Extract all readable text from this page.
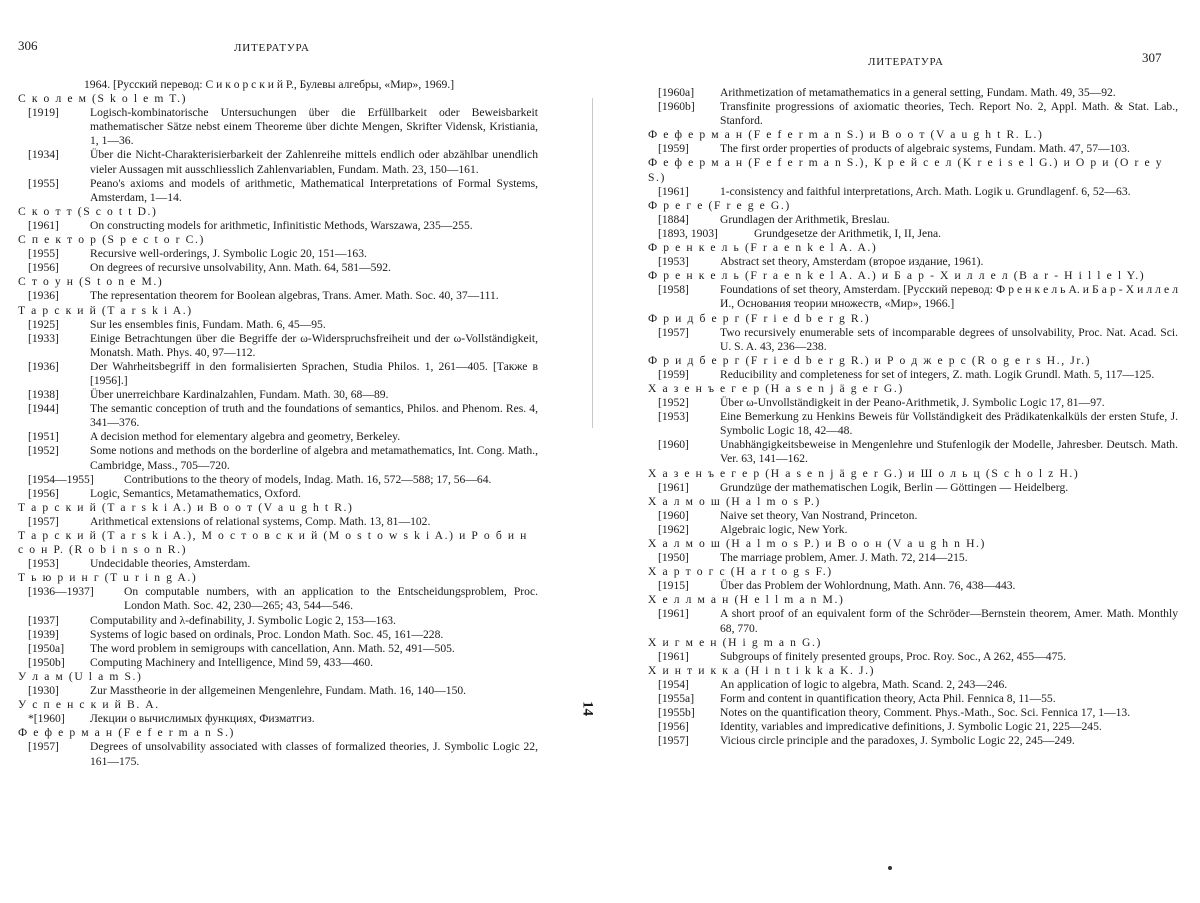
306	ЛИТЕРАТУРА
1964. [Русский перевод: С и к о р с к и й Р., Булевы алгебры, «Мир», 1969.]
С к о л е м (S k o l e m T.)
[1919]	Logisch-kombinatorische Untersuchungen über die Erfüllbarkeit oder Beweisbarkeit mathematischer Sätze nebst einem Theoreme über dichte Mengen, Skrifter Vidensk, Kristiania, 1, 1—36.
[1934]	Über die Nicht-Charakterisierbarkeit der Zahlenreihe mittels endlich oder abzählbar unendlich vieler Aussagen mit ausschliesslich Zahlenvariablen, Fundam. Math. 23, 150—161.
[1955]	Peano's axioms and models of arithmetic, Mathematical Interpretations of Formal Systems, Amsterdam, 1—14.
С к о т т (S c o t t D.)
[1961]	On constructing models for arithmetic, Infinitistic Methods, Warszawa, 235—255.
С п е к т о р (S p e c t o r C.)
[1955]	Recursive well-orderings, J. Symbolic Logic 20, 151—163.
[1956]	On degrees of recursive unsolvability, Ann. Math. 64, 581—592.
С т о у н (S t o n e M.)
[1936]	The representation theorem for Boolean algebras, Trans. Amer. Math. Soc. 40, 37—111.
Т а р с к и й (T a r s k i A.)
[1925]	Sur les ensembles finis, Fundam. Math. 6, 45—95.
[1933]	Einige Betrachtungen über die Begriffe der ω-Widerspruchsfreiheit und der ω-Vollständigkeit, Monatsh. Math. Phys. 40, 97—112.
[1936]	Der Wahrheitsbegriff in den formalisierten Sprachen, Studia Philos. 1, 261—405. [Также в [1956].]
[1938]	Über unerreichbare Kardinalzahlen, Fundam. Math. 30, 68—89.
[1944]	The semantic conception of truth and the foundations of semantics, Philos. and Phenom. Res. 4, 341—376.
[1951]	A decision method for elementary algebra and geometry, Berkeley.
[1952]	Some notions and methods on the borderline of algebra and metamathematics, Int. Cong. Math., Cambridge, Mass., 705—720.
[1954—1955]	Contributions to the theory of models, Indag. Math. 16, 572—588; 17, 56—64.
[1956]	Logic, Semantics, Metamathematics, Oxford.
Т а р с к и й (T a r s k i A.) и В о о т (V a u g h t R.)
[1957]	Arithmetical extensions of relational systems, Comp. Math. 13, 81—102.
Т а р с к и й (T a r s k i A.), М о с т о в с к и й (M o s t o w s k i A.) и Р о б и н с о н Р. (R o b i n s o n R.)
[1953]	Undecidable theories, Amsterdam.
Т ь ю р и н г (T u r i n g A.)
[1936—1937]	On computable numbers, with an application to the Entscheidungsproblem, Proc. London Math. Soc. 42, 230—265; 43, 544—546.
[1937]	Computability and λ-definability, J. Symbolic Logic 2, 153—163.
[1939]	Systems of logic based on ordinals, Proc. London Math. Soc. 45, 161—228.
[1950a]	The word problem in semigroups with cancellation, Ann. Math. 52, 491—505.
[1950b]	Computing Machinery and Intelligence, Mind 59, 433—460.
У л а м (U l a m S.)
[1930]	Zur Masstheorie in der allgemeinen Mengenlehre, Fundam. Math. 16, 140—150.
У с п е н с к и й В. А.
*[1960]	Лекции о вычислимых функциях, Физматгиз.
Ф е ф е р м а н (F e f e r m a n S.)
[1957]	Degrees of unsolvability associated with classes of formalized theories, J. Symbolic Logic 22, 161—175.
14
ЛИТЕРАТУРА	307
[1960a]	Arithmetization of metamathematics in a general setting, Fundam. Math. 49, 35—92.
[1960b]	Transfinite progressions of axiomatic theories, Tech. Report No. 2, Appl. Math. & Stat. Lab., Stanford.
Ф е ф е р м а н (F e f e r m a n S.) и В о о т (V a u g h t R. L.)
[1959]	The first order properties of products of algebraic systems, Fundam. Math. 47, 57—103.
Ф е ф е р м а н (F e f e r m a n S.), К р е й с е л (K r e i s e l G.) и О р и (O r e y S.)
[1961]	1-consistency and faithful interpretations, Arch. Math. Logik u. Grundlagenf. 6, 52—63.
Ф р е г е (F r e g e G.)
[1884]	Grundlagen der Arithmetik, Breslau.
[1893, 1903]	Grundgesetze der Arithmetik, I, II, Jena.
Ф р е н к е л ь (F r a e n k e l A. A.)
[1953]	Abstract set theory, Amsterdam (второе издание, 1961).
Ф р е н к е л ь (F r a e n k e l A. A.) и Б а р - Х и л л е л (B a r - H i l l e l Y.)
[1958]	Foundations of set theory, Amsterdam. [Русский перевод: Ф р е н к е л ь А. и Б а р - Х и л л е л И., Основания теории множеств, «Мир», 1966.]
Ф р и д б е р г (F r i e d b e r g R.)
[1957]	Two recursively enumerable sets of incomparable degrees of unsolvability, Proc. Nat. Acad. Sci. U. S. A. 43, 236—238.
Ф р и д б е р г (F r i e d b e r g R.) и Р о д ж е р с (R o g e r s H., Jr.)
[1959]	Reducibility and completeness for set of integers, Z. math. Logik Grundl. Math. 5, 117—125.
Х а з е н ъ е г е р (H a s e n j ä g e r G.)
[1952]	Über ω-Unvollständigkeit in der Peano-Arithmetik, J. Symbolic Logic 17, 81—97.
[1953]	Eine Bemerkung zu Henkins Beweis für Vollständigkeit des Prädikatenkalküls der ersten Stufe, J. Symbolic Logic 18, 42—48.
[1960]	Unabhängigkeitsbeweise in Mengenlehre und Stufenlogik der Modelle, Jahresber. Deutsch. Math. Ver. 63, 141—162.
Х а з е н ъ е г е р (H a s e n j ä g e r G.) и Ш о л ь ц (S c h o l z H.)
[1961]	Grundzüge der mathematischen Logik, Berlin — Göttingen — Heidelberg.
Х а л м о ш (H a l m o s P.)
[1960]	Naive set theory, Van Nostrand, Princeton.
[1962]	Algebraic logic, New York.
Х а л м о ш (H a l m o s P.) и В о о н (V a u g h n H.)
[1950]	The marriage problem, Amer. J. Math. 72, 214—215.
Х а р т о г с (H a r t o g s F.)
[1915]	Über das Problem der Wohlordnung, Math. Ann. 76, 438—443.
Х е л л м а н (H e l l m a n M.)
[1961]	A short proof of an equivalent form of the Schröder—Bernstein theorem, Amer. Math. Monthly 68, 770.
Х и г м е н (H i g m a n G.)
[1961]	Subgroups of finitely presented groups, Proc. Roy. Soc., A 262, 455—475.
Х и н т и к к а (H i n t i k k a K. J.)
[1954]	An application of logic to algebra, Math. Scand. 2, 243—246.
[1955a]	Form and content in quantification theory, Acta Phil. Fennica 8, 11—55.
[1955b]	Notes on the quantification theory, Comment. Phys.-Math., Soc. Sci. Fennica 17, 1—13.
[1956]	Identity, variables and impredicative definitions, J. Symbolic Logic 21, 225—245.
[1957]	Vicious circle principle and the paradoxes, J. Symbolic Logic 22, 245—249.
